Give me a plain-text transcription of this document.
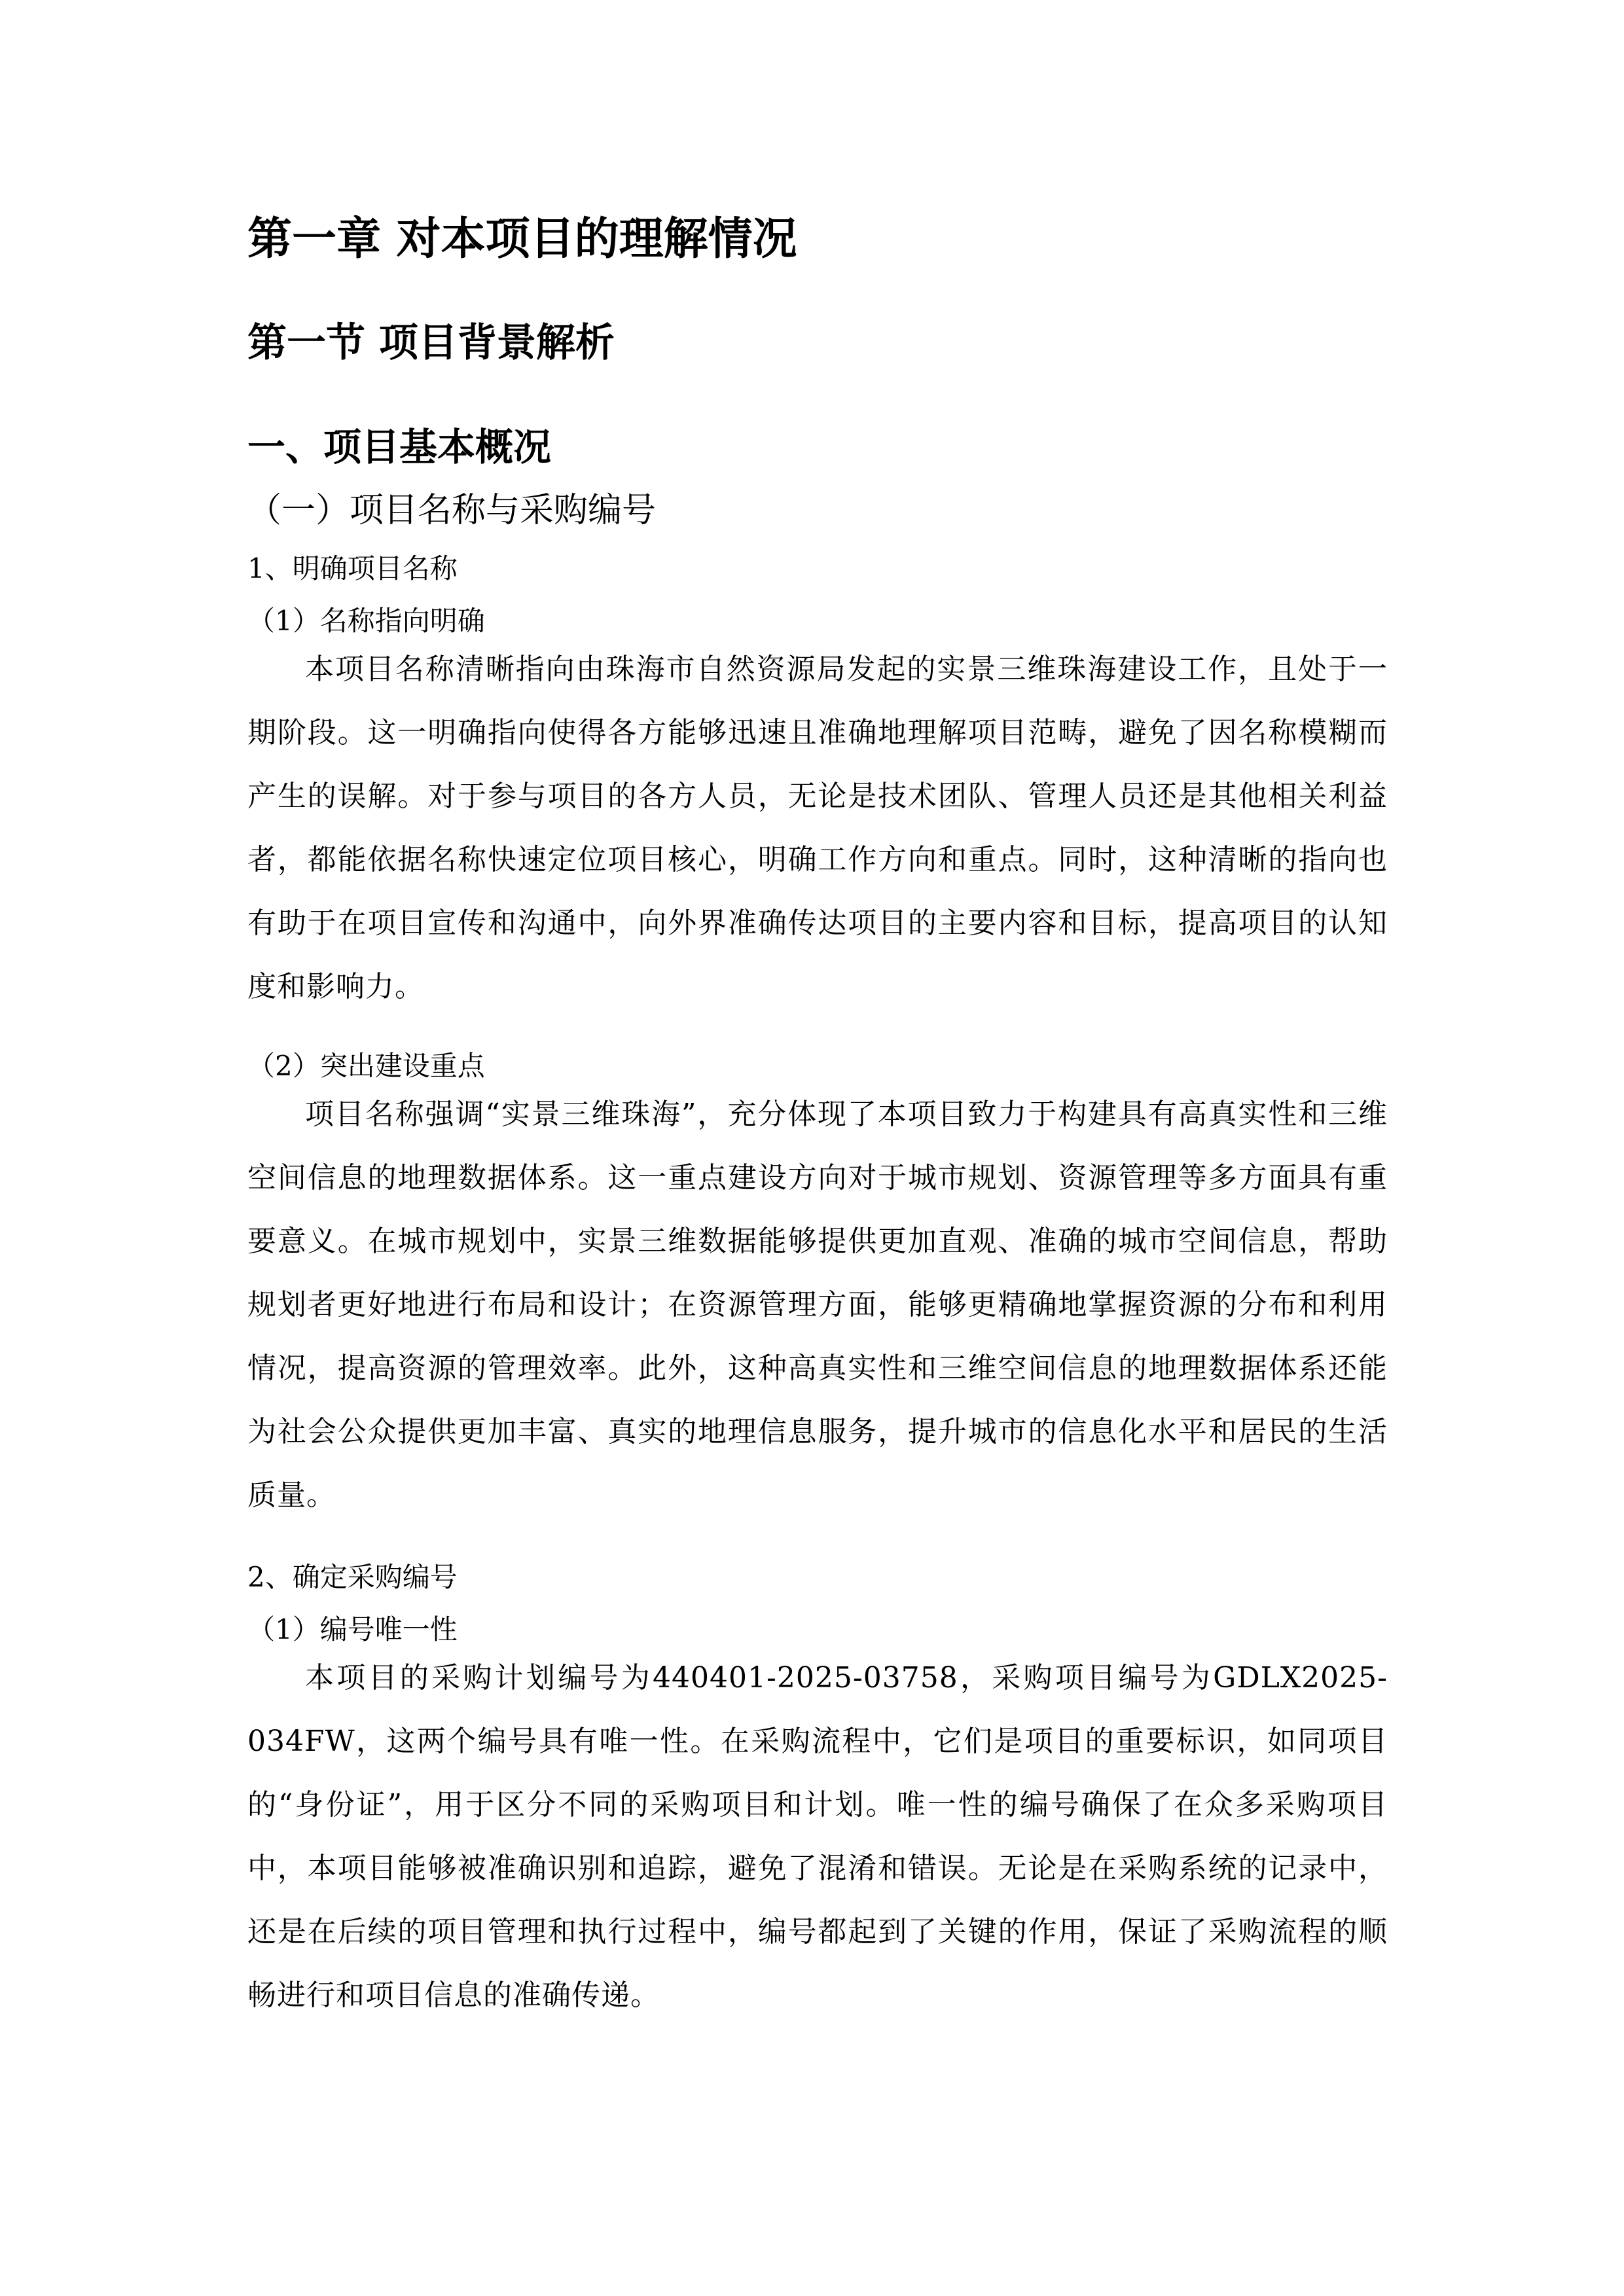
第一章 对本项目的理解情况
第一节 项目背景解析
一、项目基本概况
（一）项目名称与采购编号
1、明确项目名称
（1）名称指向明确

本项目名称清晰指向由珠海市自然资源局发起的实景三维珠海建设工作，且处于一期阶段。这一明确指向使得各方能够迅速且准确地理解项目范畴，避免了因名称模糊而产生的误解。对于参与项目的各方人员，无论是技术团队、管理人员还是其他相关利益者，都能依据名称快速定位项目核心，明确工作方向和重点。同时，这种清晰的指向也有助于在项目宣传和沟通中，向外界准确传达项目的主要内容和目标，提高项目的认知度和影响力。

（2）突出建设重点

项目名称强调“实景三维珠海”，充分体现了本项目致力于构建具有高真实性和三维空间信息的地理数据体系。这一重点建设方向对于城市规划、资源管理等多方面具有重要意义。在城市规划中，实景三维数据能够提供更加直观、准确的城市空间信息，帮助规划者更好地进行布局和设计；在资源管理方面，能够更精确地掌握资源的分布和利用情况，提高资源的管理效率。此外，这种高真实性和三维空间信息的地理数据体系还能为社会公众提供更加丰富、真实的地理信息服务，提升城市的信息化水平和居民的生活质量。

2、确定采购编号
（1）编号唯一性

本项目的采购计划编号为440401-2025-03758，采购项目编号为GDLX2025-034FW，这两个编号具有唯一性。在采购流程中，它们是项目的重要标识，如同项目的“身份证”，用于区分不同的采购项目和计划。唯一性的编号确保了在众多采购项目中，本项目能够被准确识别和追踪，避免了混淆和错误。无论是在采购系统的记录中，还是在后续的项目管理和执行过程中，编号都起到了关键的作用，保证了采购流程的顺畅进行和项目信息的准确传递。
